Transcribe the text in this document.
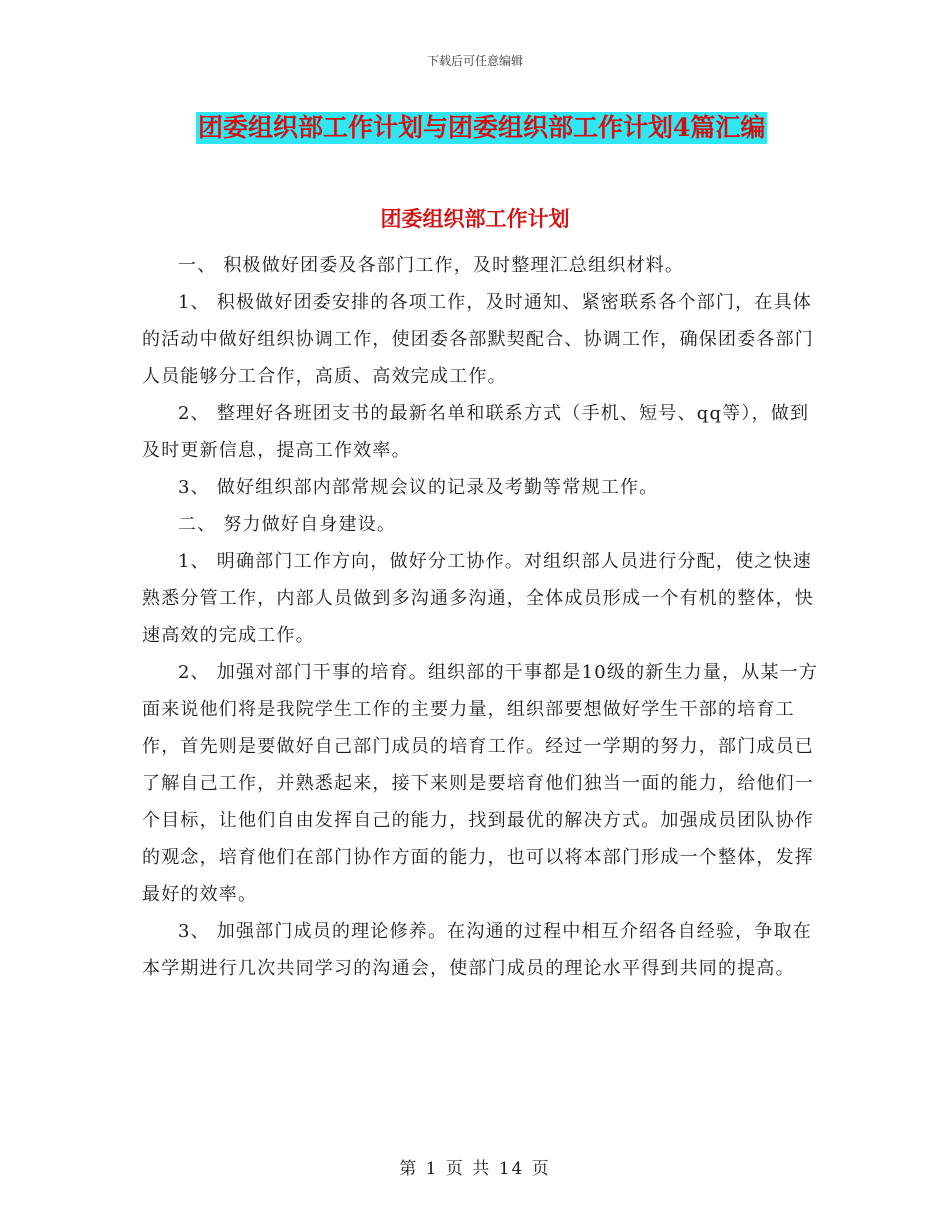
下载后可任意编辑
团委组织部工作计划与团委组织部工作计划4篇汇编
团委组织部工作计划

一、 积极做好团委及各部门工作，及时整理汇总组织材料。

1、 积极做好团委安排的各项工作，及时通知、紧密联系各个部门，在具体的活动中做好组织协调工作，使团委各部默契配合、协调工作，确保团委各部门人员能够分工合作，高质、高效完成工作。

2、 整理好各班团支书的最新名单和联系方式（手机、短号、qq等），做到及时更新信息，提高工作效率。

3、 做好组织部内部常规会议的记录及考勤等常规工作。

二、 努力做好自身建设。

1、 明确部门工作方向，做好分工协作。对组织部人员进行分配，使之快速熟悉分管工作，内部人员做到多沟通多沟通，全体成员形成一个有机的整体，快速高效的完成工作。

2、 加强对部门干事的培育。组织部的干事都是10级的新生力量，从某一方面来说他们将是我院学生工作的主要力量，组织部要想做好学生干部的培育工作，首先则是要做好自己部门成员的培育工作。经过一学期的努力，部门成员已了解自己工作，并熟悉起来，接下来则是要培育他们独当一面的能力，给他们一个目标，让他们自由发挥自己的能力，找到最优的解决方式。加强成员团队协作的观念，培育他们在部门协作方面的能力，也可以将本部门形成一个整体，发挥最好的效率。

3、 加强部门成员的理论修养。在沟通的过程中相互介绍各自经验，争取在本学期进行几次共同学习的沟通会，使部门成员的理论水平得到共同的提高。

第 1 页 共 14 页
